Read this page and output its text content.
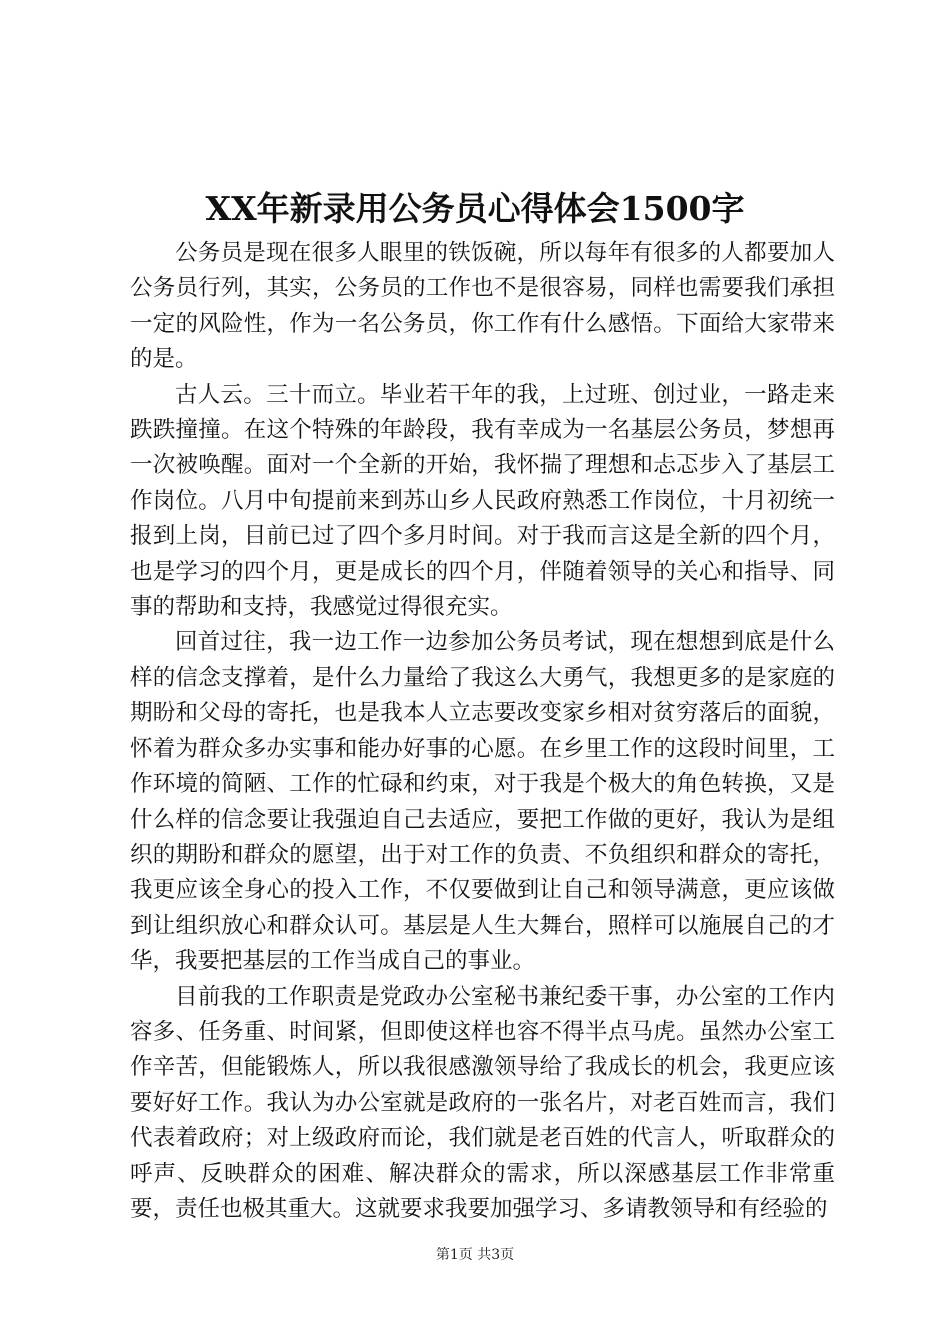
XX年新录用公务员心得体会1500字

公务员是现在很多人眼里的铁饭碗，所以每年有很多的人都要加人公务员行列，其实，公务员的工作也不是很容易，同样也需要我们承担一定的风险性，作为一名公务员，你工作有什么感悟。下面给大家带来的是。

古人云。三十而立。毕业若干年的我，上过班、创过业，一路走来跌跌撞撞。在这个特殊的年龄段，我有幸成为一名基层公务员，梦想再一次被唤醒。面对一个全新的开始，我怀揣了理想和忐忑步入了基层工作岗位。八月中旬提前来到苏山乡人民政府熟悉工作岗位，十月初统一报到上岗，目前已过了四个多月时间。对于我而言这是全新的四个月，也是学习的四个月，更是成长的四个月，伴随着领导的关心和指导、同事的帮助和支持，我感觉过得很充实。

回首过往，我一边工作一边参加公务员考试，现在想想到底是什么样的信念支撑着，是什么力量给了我这么大勇气，我想更多的是家庭的期盼和父母的寄托，也是我本人立志要改变家乡相对贫穷落后的面貌，怀着为群众多办实事和能办好事的心愿。在乡里工作的这段时间里，工作环境的简陋、工作的忙碌和约束，对于我是个极大的角色转换，又是什么样的信念要让我强迫自己去适应，要把工作做的更好，我认为是组织的期盼和群众的愿望，出于对工作的负责、不负组织和群众的寄托，我更应该全身心的投入工作，不仅要做到让自己和领导满意，更应该做到让组织放心和群众认可。基层是人生大舞台，照样可以施展自己的才华，我要把基层的工作当成自己的事业。

目前我的工作职责是党政办公室秘书兼纪委干事，办公室的工作内容多、任务重、时间紧，但即使这样也容不得半点马虎。虽然办公室工作辛苦，但能锻炼人，所以我很感激领导给了我成长的机会，我更应该要好好工作。我认为办公室就是政府的一张名片，对老百姓而言，我们代表着政府；对上级政府而论，我们就是老百姓的代言人，听取群众的呼声、反映群众的困难、解决群众的需求，所以深感基层工作非常重要，责任也极其重大。这就要求我要加强学习、多请教领导和有经验的

第1页 共3页
